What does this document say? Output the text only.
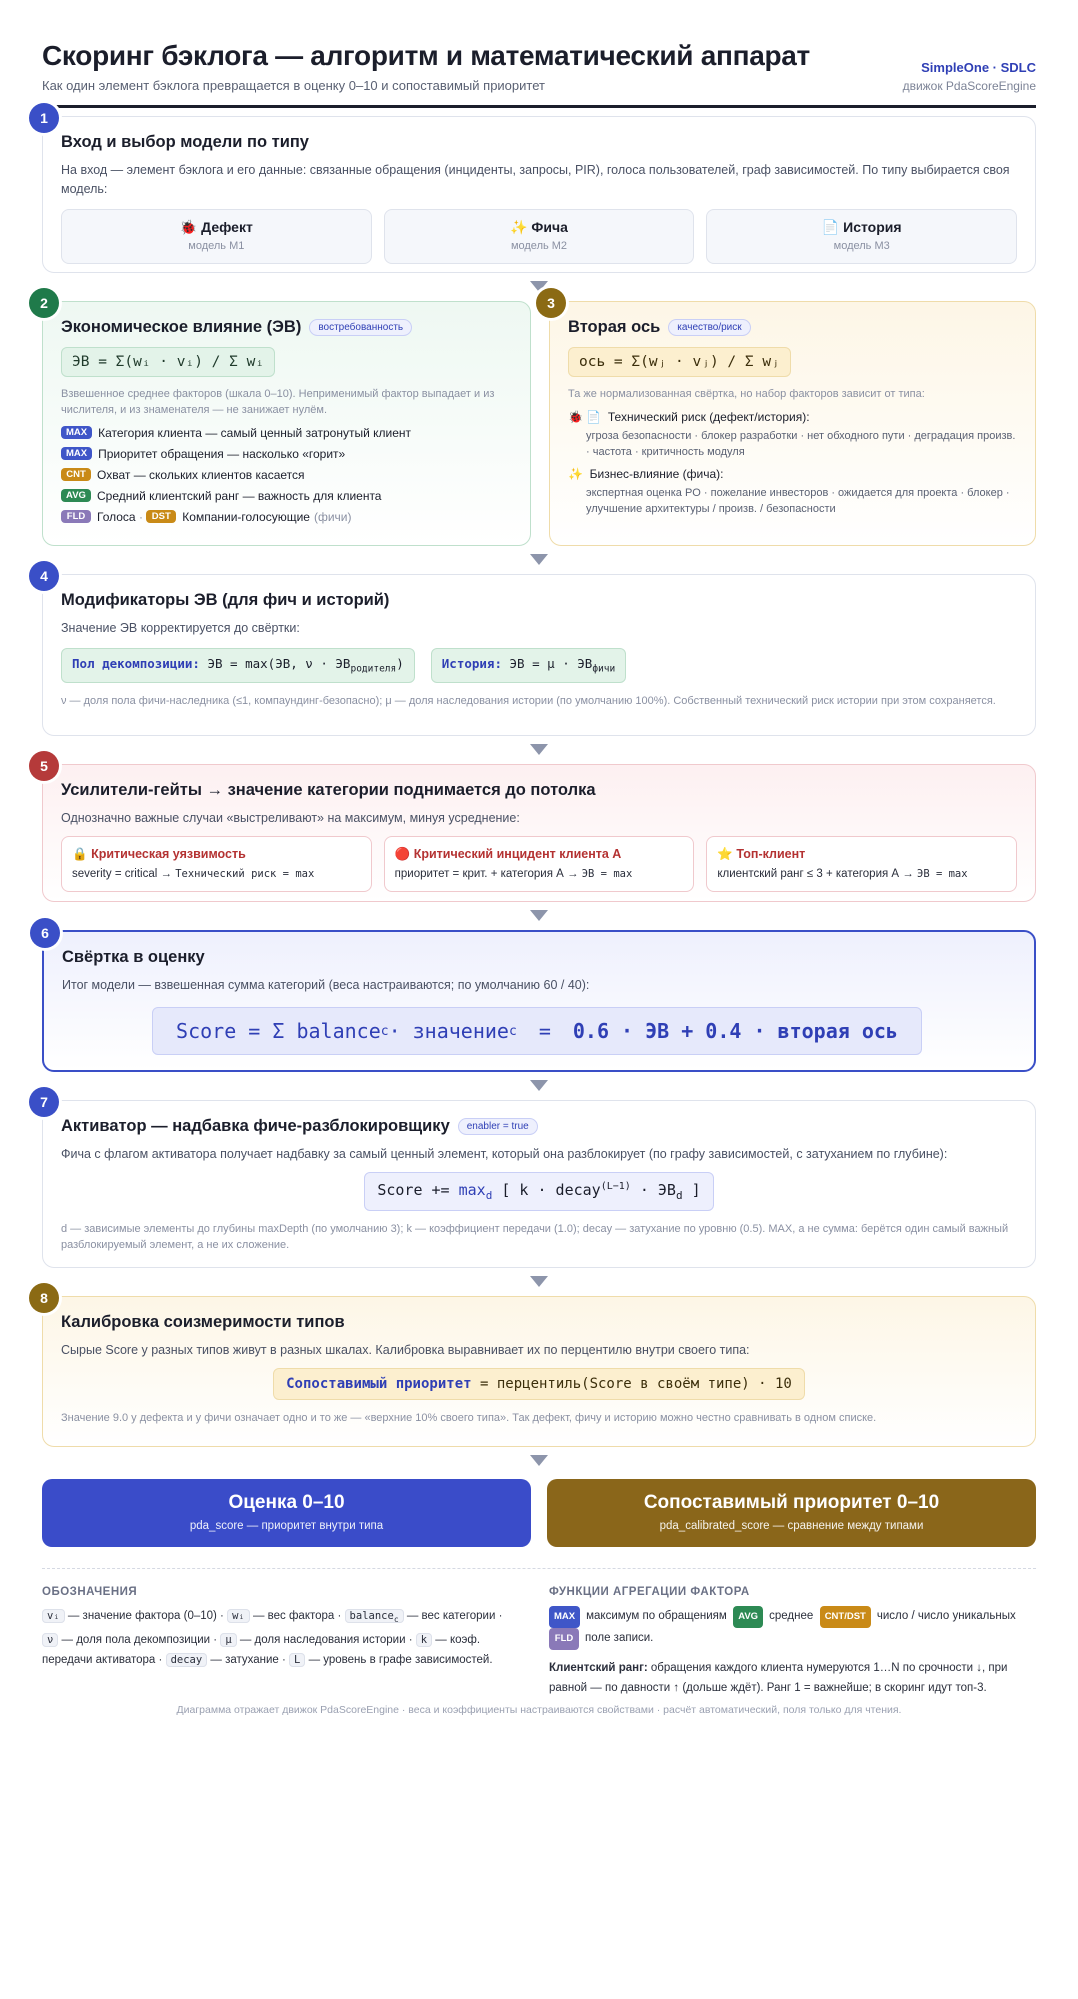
Скоринг бэклога — алгоритм и математический аппарат
Как один элемент бэклога превращается в оценку 0–10 и сопоставимый приоритет
SimpleOne · SDLC
движок PdaScoreEngine
1
Вход и выбор модели по типу
На вход — элемент бэклога и его данные: связанные обращения (инциденты, запросы, PIR), голоса пользователей, граф зависимостей. По типу выбирается своя модель:
🐞 Дефект
модель M1
✨ Фича
модель M2
📄 История
модель M3
2
Экономическое влияние (ЭВ)	востребованность
ЭВ = Σ(wᵢ · vᵢ) / Σ wᵢ
Взвешенное среднее факторов (шкала 0–10). Неприменимый фактор выпадает и из числителя, и из знаменателя — не занижает нулём.
MAX Категория клиента
— самый ценный затронутый клиент
MAX Приоритет обращения
— насколько «горит»
CNT Охват
— скольких клиентов касается
AVG Средний клиентский ранг
— важность для клиента
FLD Голоса
·
DST Компании-голосующие (фичи)
3
Вторая ось	качество/риск
ось = Σ(wⱼ · vⱼ) / Σ wⱼ
Та же нормализованная свёртка, но набор факторов зависит от типа:
🐞 📄 Технический риск (дефект/история):
угроза безопасности · блокер разработки · нет обходного пути · деградация произв. · частота · критичность модуля
✨ Бизнес-влияние (фича):
экспертная оценка PO · пожелание инвесторов · ожидается для проекта · блокер · улучшение архитектуры / произв. / безопасности
4
Модификаторы ЭВ (для фич и историй)
Значение ЭВ корректируется до свёртки:
Пол декомпозиции: ЭВ = max(ЭВ, $\nu \cdot ЭВ_{родителя}$)	История: ЭВ = $\mu \cdot ЭВ_{фичи}$
ν — доля пола фичи-наследника (≤1, компаундинг-безопасно); μ — доля наследования истории (по умолчанию 100%). Собственный технический риск истории при этом сохраняется.
5
Усилители-гейты → значение категории поднимается до потолка
Однозначно важные случаи «выстреливают» на максимум, минуя усреднение:
🔒 Критическая уязвимость
severity = critical → Технический риск = max
🔴 Критический инцидент клиента А
приоритет = крит. + категория А → ЭВ = max
⭐ Топ-клиент
клиентский ранг ≤ 3 + категория А → ЭВ = max
6
Свёртка в оценку
Итог модели — взвешенная сумма категорий (веса настраиваются; по умолчанию 60 / 40):
Score = Σ balance c · значение c = 0.6 · ЭВ + 0.4 · вторая ось
7
Активатор — надбавка фиче-разблокировщику	enabler = true
Фича с флагом активатора получает надбавку за самый ценный элемент, который она разблокирует (по графу зависимостей, с затуханием по глубине):
Score += $\max_d$ [ k · decay$^{(L-1)}$ · $ЭВ_d$ ]
d — зависимые элементы до глубины maxDepth (по умолчанию 3); k — коэффициент передачи (1.0); decay — затухание по уровню (0.5). MAX, а не сумма: берётся один самый важный разблокируемый элемент, а не их сложение.
8
Калибровка соизмеримости типов
Сырые Score у разных типов живут в разных шкалах. Калибровка выравнивает их по перцентилю внутри своего типа:
Сопоставимый приоритет = перцентиль(Score в своём типе) · 10
Значение 9.0 у дефекта и у фичи означает одно и то же — «верхние 10% своего типа». Так дефект, фичу и историю можно честно сравнивать в одном списке.
Оценка 0–10
pda_score — приоритет внутри типа
Сопоставимый приоритет 0–10
pda_calibrated_score — сравнение между типами
ОБОЗНАЧЕНИЯ
vᵢ — значение фактора (0–10) · wᵢ — вес фактора · balance$_c$ — вес категории · ν — доля пола декомпозиции · μ — доля наследования истории · k — коэф. передачи активатора · decay — затухание · L — уровень в графе зависимостей.
ФУНКЦИИ АГРЕГАЦИИ ФАКТОРА
MAX максимум по обращениям AVG среднее CNT/DST число / число уникальных FLD поле записи.
Клиентский ранг: обращения каждого клиента нумеруются 1…N по срочности ↓, при равной — по давности ↑ (дольше ждёт). Ранг 1 = важнейше; в скоринг идут топ-3.
Диаграмма отражает движок PdaScoreEngine · веса и коэффициенты настраиваются свойствами · расчёт автоматический, поля только для чтения.
